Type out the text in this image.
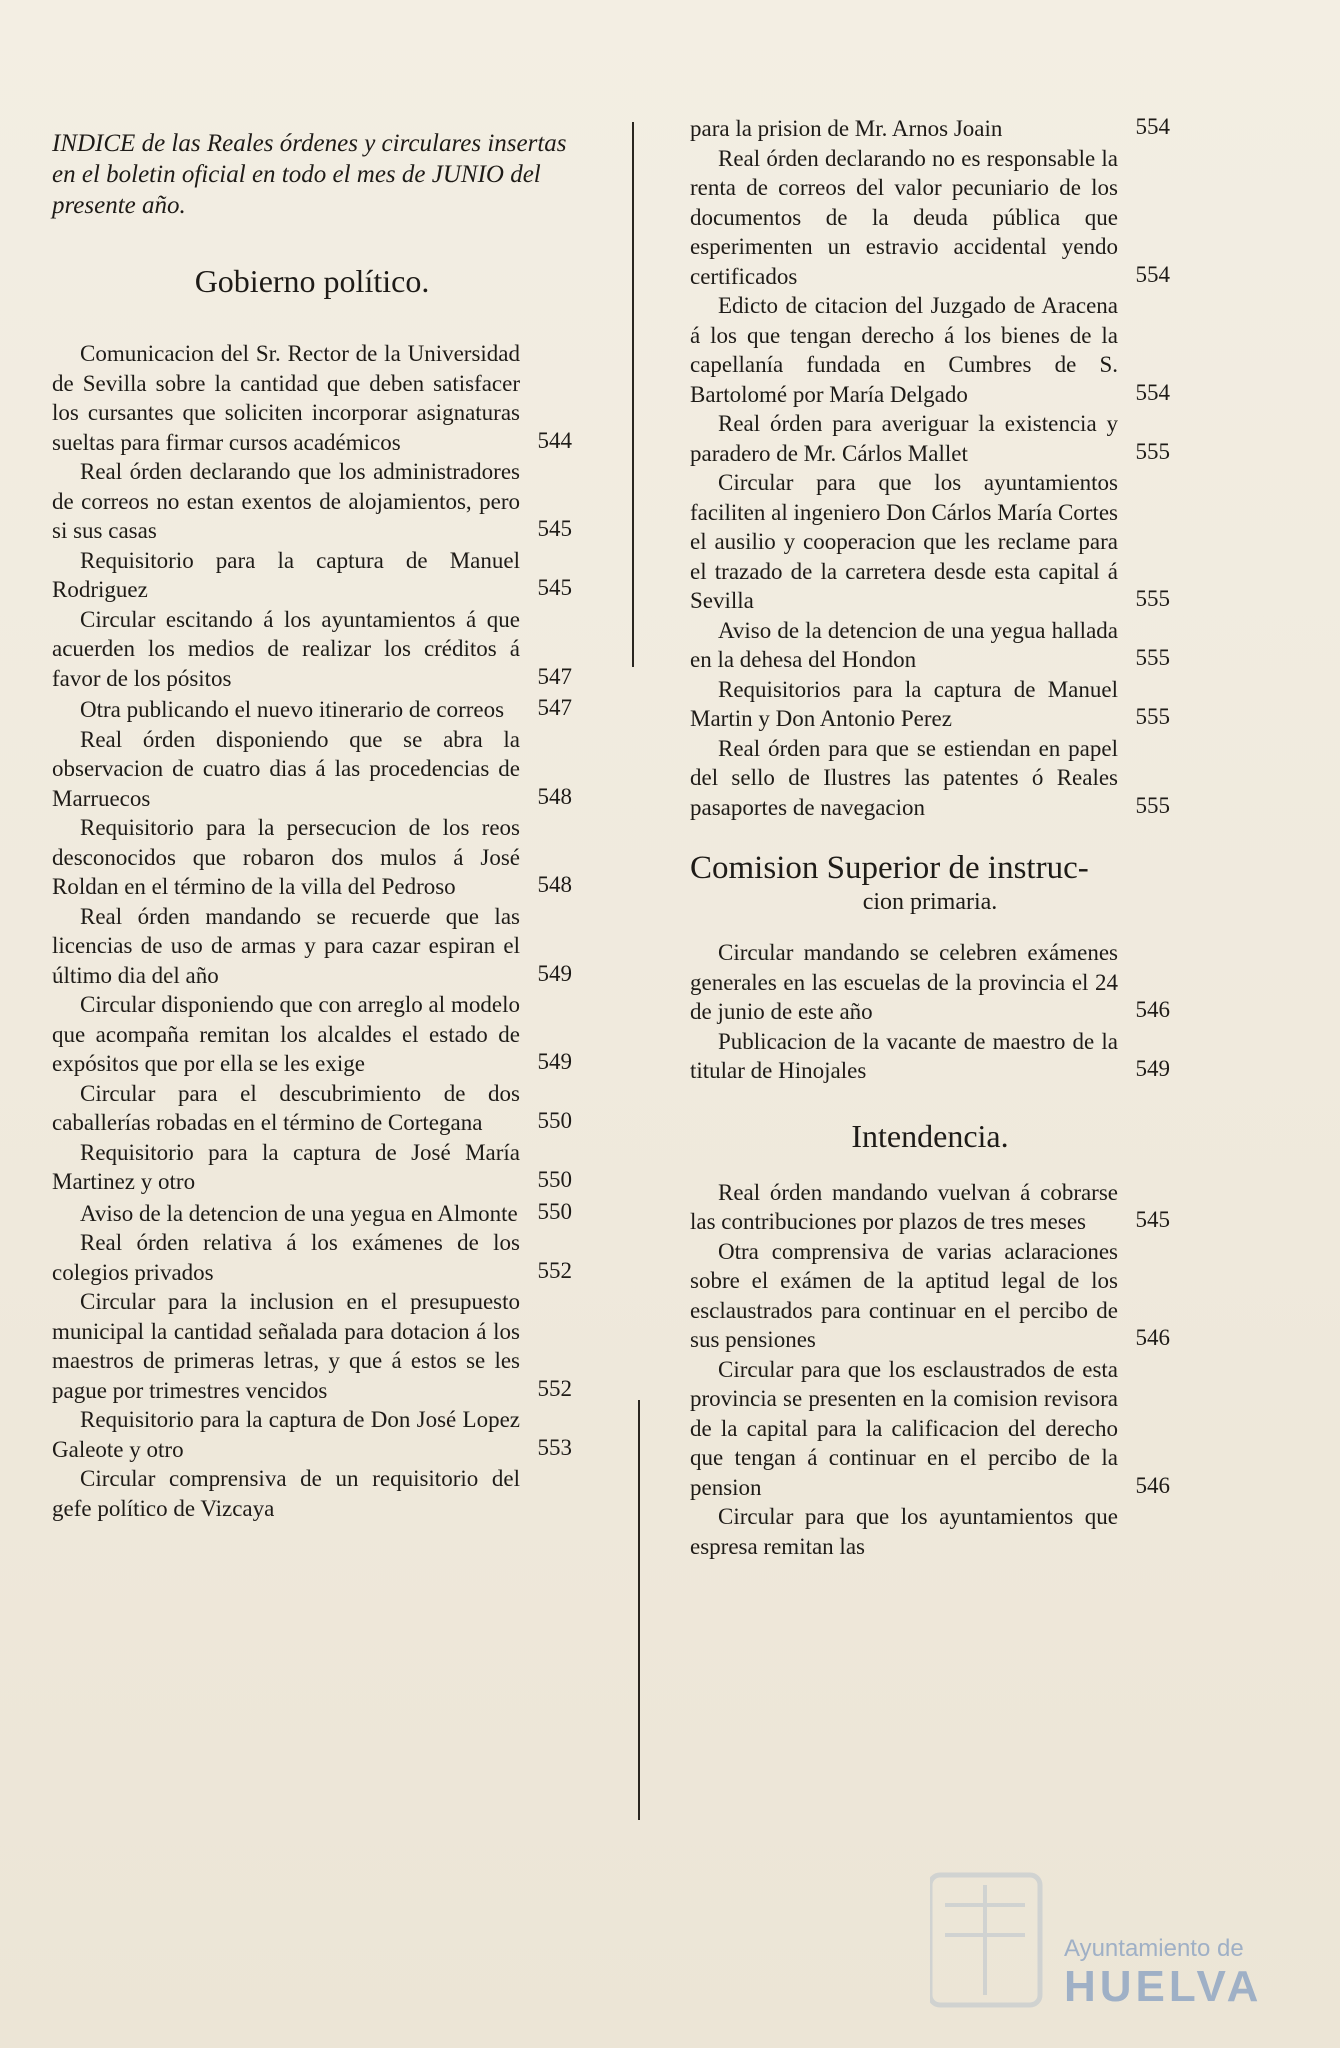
INDICE de las Reales órdenes y circulares insertas en el boletin oficial en todo el mes de JUNIO del presente año.

Gobierno político.
Comunicacion del Sr. Rector de la Universidad de Sevilla sobre la cantidad que deben satisfacer los cursantes que soliciten incorporar asignaturas sueltas para firmar cursos académicos	544
Real órden declarando que los administradores de correos no estan exentos de alojamientos, pero si sus casas	545
Requisitorio para la captura de Manuel Rodriguez	545
Circular escitando á los ayuntamientos á que acuerden los medios de realizar los créditos á favor de los pósitos	547
Otra publicando el nuevo itinerario de correos	547
Real órden disponiendo que se abra la observacion de cuatro dias á las procedencias de Marruecos	548
Requisitorio para la persecucion de los reos desconocidos que robaron dos mulos á José Roldan en el término de la villa del Pedroso	548
Real órden mandando se recuerde que las licencias de uso de armas y para cazar espiran el último dia del año	549
Circular disponiendo que con arreglo al modelo que acompaña remitan los alcaldes el estado de expósitos que por ella se les exige	549
Circular para el descubrimiento de dos caballerías robadas en el término de Cortegana	550
Requisitorio para la captura de José María Martinez y otro	550
Aviso de la detencion de una yegua en Almonte 550
Real órden relativa á los exámenes de los colegios privados	552
Circular para la inclusion en el presupuesto municipal la cantidad señalada para dotacion á los maestros de primeras letras, y que á estos se les pague por trimestres vencidos	552
Requisitorio para la captura de Don José Lopez Galeote y otro	553
Circular comprensiva de un requisitorio del gefe político de Vizcaya
para la prision de Mr. Arnos Joain	554
Real órden declarando no es responsable la renta de correos del valor pecuniario de los documentos de la deuda pública que esperimenten un estravio accidental yendo certificados	554
Edicto de citacion del Juzgado de Aracena á los que tengan derecho á los bienes de la capellanía fundada en Cumbres de S. Bartolomé por María Delgado	554
Real órden para averiguar la existencia y paradero de Mr. Cárlos Mallet	555
Circular para que los ayuntamientos faciliten al ingeniero Don Cárlos María Cortes el ausilio y cooperacion que les reclame para el trazado de la carretera desde esta capital á Sevilla	555
Aviso de la detencion de una yegua hallada en la dehesa del Hondon	555
Requisitorios para la captura de Manuel Martin y Don Antonio Perez	555
Real órden para que se estiendan en papel del sello de Ilustres las patentes ó Reales pasaportes de navegacion	555
Comision Superior de instruc-
cion primaria.
Circular mandando se celebren exámenes generales en las escuelas de la provincia el 24 de junio de este año	546
Publicacion de la vacante de maestro de la titular de Hinojales	549
Intendencia.
Real órden mandando vuelvan á cobrarse las contribuciones por plazos de tres meses	545
Otra comprensiva de varias aclaraciones sobre el exámen de la aptitud legal de los esclaustrados para continuar en el percibo de sus pensiones	546
Circular para que los esclaustrados de esta provincia se presenten en la comision revisora de la capital para la calificacion del derecho que tengan á continuar en el percibo de la pension	546
Circular para que los ayuntamientos que espresa remitan las
Ayuntamiento de
HUELVA
